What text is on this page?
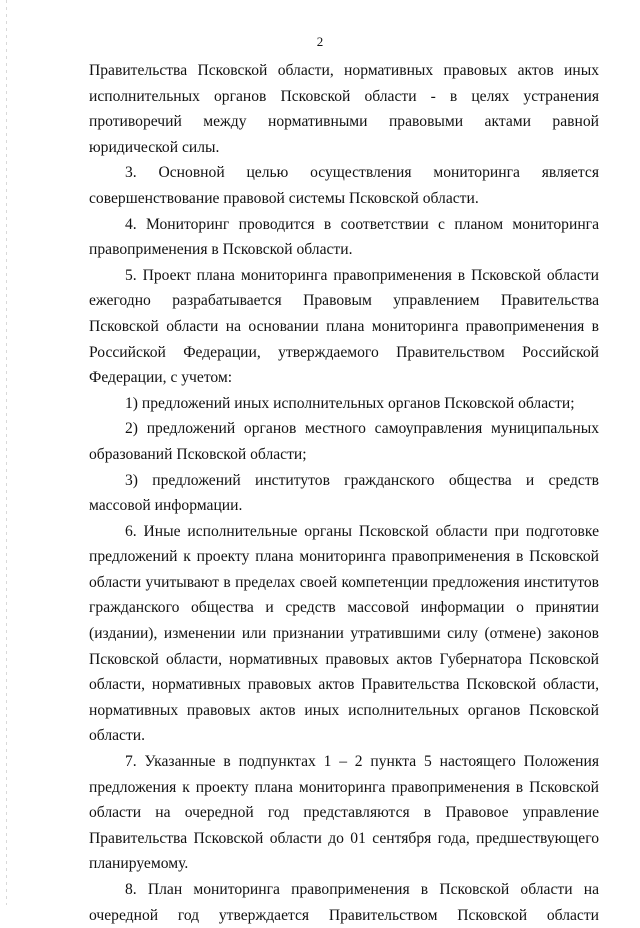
2

Правительства Псковской области, нормативных правовых актов иных исполнительных органов Псковской области - в целях устранения противоречий между нормативными правовыми актами равной юридической силы.

3. Основной целью осуществления мониторинга является совершенствование правовой системы Псковской области.

4. Мониторинг проводится в соответствии с планом мониторинга правоприменения в Псковской области.

5. Проект плана мониторинга правоприменения в Псковской области ежегодно разрабатывается Правовым управлением Правительства Псковской области на основании плана мониторинга правоприменения в Российской Федерации, утверждаемого Правительством Российской Федерации, с учетом:

1) предложений иных исполнительных органов Псковской области;

2) предложений органов местного самоуправления муниципальных образований Псковской области;

3) предложений институтов гражданского общества и средств массовой информации.

6. Иные исполнительные органы Псковской области при подготовке предложений к проекту плана мониторинга правоприменения в Псковской области учитывают в пределах своей компетенции предложения институтов гражданского общества и средств массовой информации о принятии (издании), изменении или признании утратившими силу (отмене) законов Псковской области, нормативных правовых актов Губернатора Псковской области, нормативных правовых актов Правительства Псковской области, нормативных правовых актов иных исполнительных органов Псковской области.

7. Указанные в подпунктах 1 – 2 пункта 5 настоящего Положения предложения к проекту плана мониторинга правоприменения в Псковской области на очередной год представляются в Правовое управление Правительства Псковской области до 01 сентября года, предшествующего планируемому.

8. План мониторинга правоприменения в Псковской области на очередной год утверждается Правительством Псковской области
